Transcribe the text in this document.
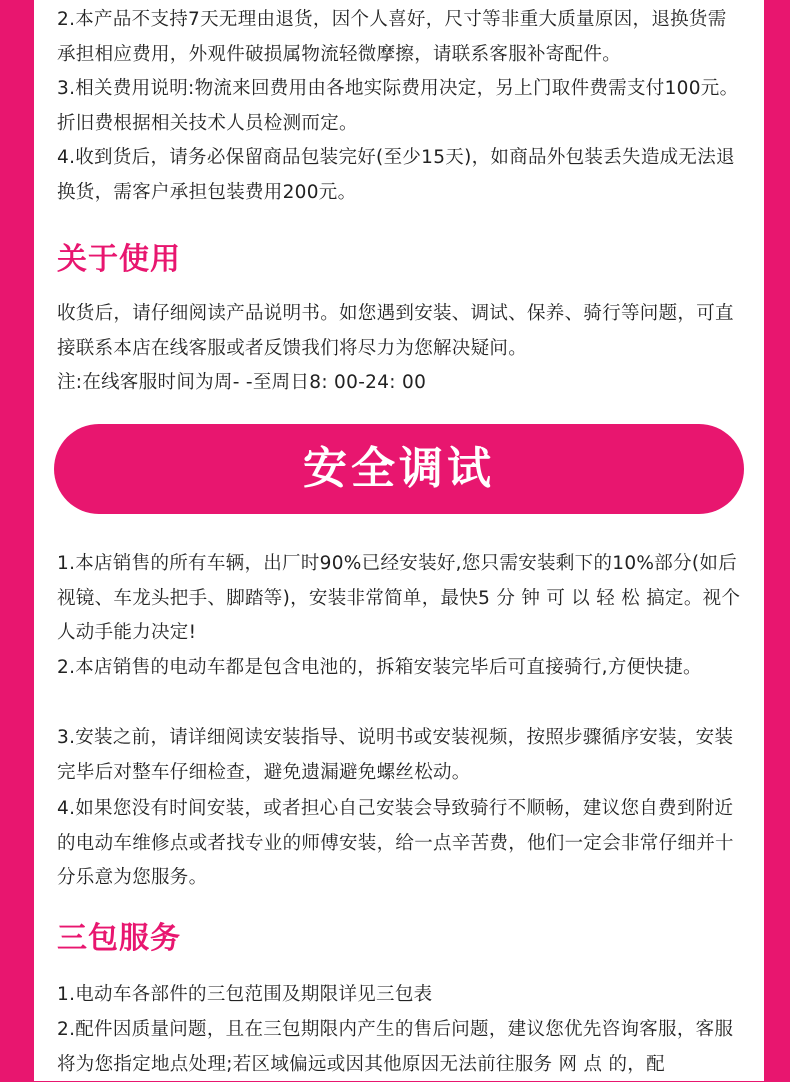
2.本产品不支持7天无理由退货，因个人喜好，尺寸等非重大质量原因，退换货需承担相应费用，外观件破损属物流轻微摩擦，请联系客服补寄配件。

3.相关费用说明:物流来回费用由各地实际费用决定，另上门取件费需支付100元。折旧费根据相关技术人员检测而定。

4.收到货后，请务必保留商品包装完好(至少15天)，如商品外包装丢失造成无法退换货，需客户承担包装费用200元。

关于使用

收货后，请仔细阅读产品说明书。如您遇到安装、调试、保养、骑行等问题，可直接联系本店在线客服或者反馈我们将尽力为您解决疑问。

注:在线客服时间为周- -至周日8: 00-24: 00

安全调试

1.本店销售的所有车辆，出厂时90%已经安装好,您只需安装剩下的10%部分(如后视镜、车龙头把手、脚踏等)，安装非常简单，最快5 分 钟 可 以 轻 松 搞定。视个人动手能力决定!

2.本店销售的电动车都是包含电池的，拆箱安装完毕后可直接骑行,方便快捷。

3.安装之前，请详细阅读安装指导、说明书或安装视频，按照步骤循序安装，安装完毕后对整车仔细检查，避免遗漏避免螺丝松动。

4.如果您没有时间安装，或者担心自己安装会导致骑行不顺畅，建议您自费到附近的电动车维修点或者找专业的师傅安装，给一点辛苦费，他们一定会非常仔细并十分乐意为您服务。

三包服务

1.电动车各部件的三包范围及期限详见三包表

2.配件因质量问题，且在三包期限内产生的售后问题，建议您优先咨询客服，客服将为您指定地点处理;若区域偏远或因其他原因无法前往服务 网 点 的，配
